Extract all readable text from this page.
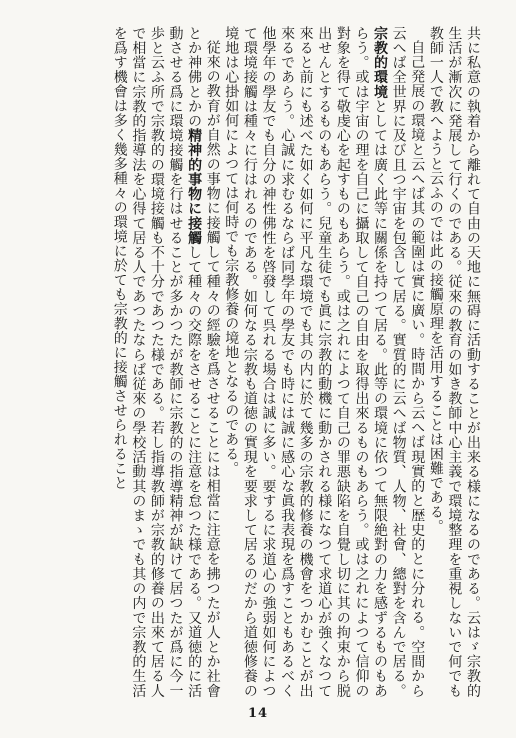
共に私意の執着から離れて自由の天地に無碍に活動することが出来る様になるのである。云はゞ宗教的生活が漸次に発展して行くのである。従來の教育の如き教師中心主義で環境整理を重視しないで何でも教師一人で教へようと云ふのでは此の接觸原理を活用することは困難である。

自己発展の環境と云へば其の範圍は實に廣い。時間から云へば現實的と歴史的とに分れる。空間から云へば全世界に及び且つ宇宙を包含して居る。實質的に云へば物質、人物、社會、總對を含んで居る。宗教的環境としては廣く此等に關係を持つて居る。此等の環境に依つて無限絶對の力を感ずるものもあらう。或は宇宙の理を自己に攝取して自己の自由を取得出來るものもあらう。或は之れによつて信仰の對象を得て敬虔心を起すものもあらう。或は之れによつて自己の罪悪缺陷を自覺し切に其の拘束から脱出せんとするものもあらう。兒童生徒でも眞に宗教的動機に動かされる様になつて求道心が強くなつて來ると前にも述べた如く如何に平凡な環境でも其の内に於て幾多の宗教的修養の機會をつかむことが出來るであらう。心誠に求むるならば同學年の學友でも時には誠に感心な眞我表現を爲すこともあるべく他學年の學友でも自分の神性佛性を啓發して呉れる場合は誠に多い。要するに求道心の強弱如何によつて環境接觸は種々に行はれるのである。如何なる宗教も道徳の實現を要求して居るのだから道徳修養の境地は心掛如何によつては何時でも宗教修養の境地となるのである。

従來の教育が自然の事物に接觸して種々の經驗を爲させることには相當に注意を拂つたが人とか社會とか神佛とかの精神的事物に接觸して種々の交際をさせることに注意を怠つた様である。又道徳的に活動させる爲に環境接觸を行はせることが多かつたが教師に宗教的の指導精神が缺けて居つたが爲に今一歩と云ふ所で宗教的の環境接觸も不十分であつた様である。若し指導教師が宗教的修養の出來て居る人で相當に宗教的指導法を心得て居る人であつたならば従來の學校活動其のまゝでも其の内で宗教的生活を爲す機會は多く幾多種々の環境に於ても宗教的に接觸させられること

14
